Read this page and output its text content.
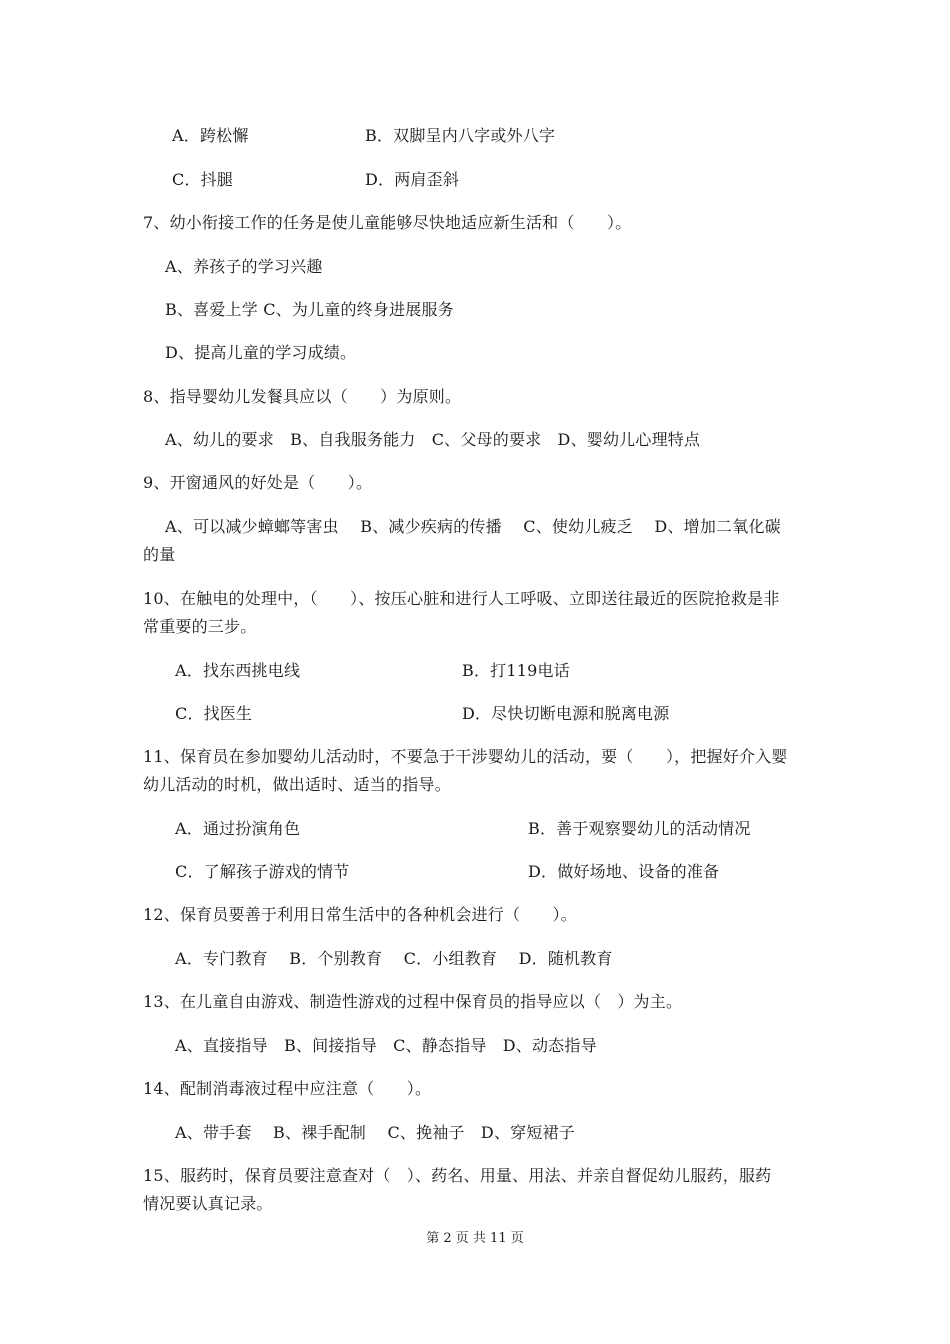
A．跨松懈	B．双脚呈内八字或外八字
C．抖腿	D．两肩歪斜
7、幼小衔接工作的任务是使儿童能够尽快地适应新生活和（　　）。
A、养孩子的学习兴趣
B、喜爱上学 C、为儿童的终身进展服务
D、提高儿童的学习成绩。
8、指导婴幼儿发餐具应以（　　）为原则。
A、幼儿的要求　B、自我服务能力　C、父母的要求　D、婴幼儿心理特点
9、开窗通风的好处是（　　）。
A、可以减少蟑螂等害虫　 B、减少疾病的传播　 C、使幼儿疲乏　 D、增加二氧化碳
的量
10、在触电的处理中，（　　）、按压心脏和进行人工呼吸、立即送往最近的医院抢救是非
常重要的三步。
A．找东西挑电线	B．打119电话
C．找医生	D．尽快切断电源和脱离电源
11、保育员在参加婴幼儿活动时，不要急于干涉婴幼儿的活动，要（　　），把握好介入婴
幼儿活动的时机，做出适时、适当的指导。
A．通过扮演角色	B．善于观察婴幼儿的活动情况
C．了解孩子游戏的情节	D．做好场地、设备的准备
12、保育员要善于利用日常生活中的各种机会进行（　　）。
A．专门教育　 B．个别教育　 C．小组教育　 D．随机教育
13、在儿童自由游戏、制造性游戏的过程中保育员的指导应以（　）为主。
A、直接指导　B、间接指导　C、静态指导　D、动态指导
14、配制消毒液过程中应注意（　　）。
A、带手套　 B、裸手配制　 C、挽袖子　D、穿短裙子
15、服药时，保育员要注意查对（　）、药名、用量、用法、并亲自督促幼儿服药，服药
情况要认真记录。
第 2 页 共 11 页
